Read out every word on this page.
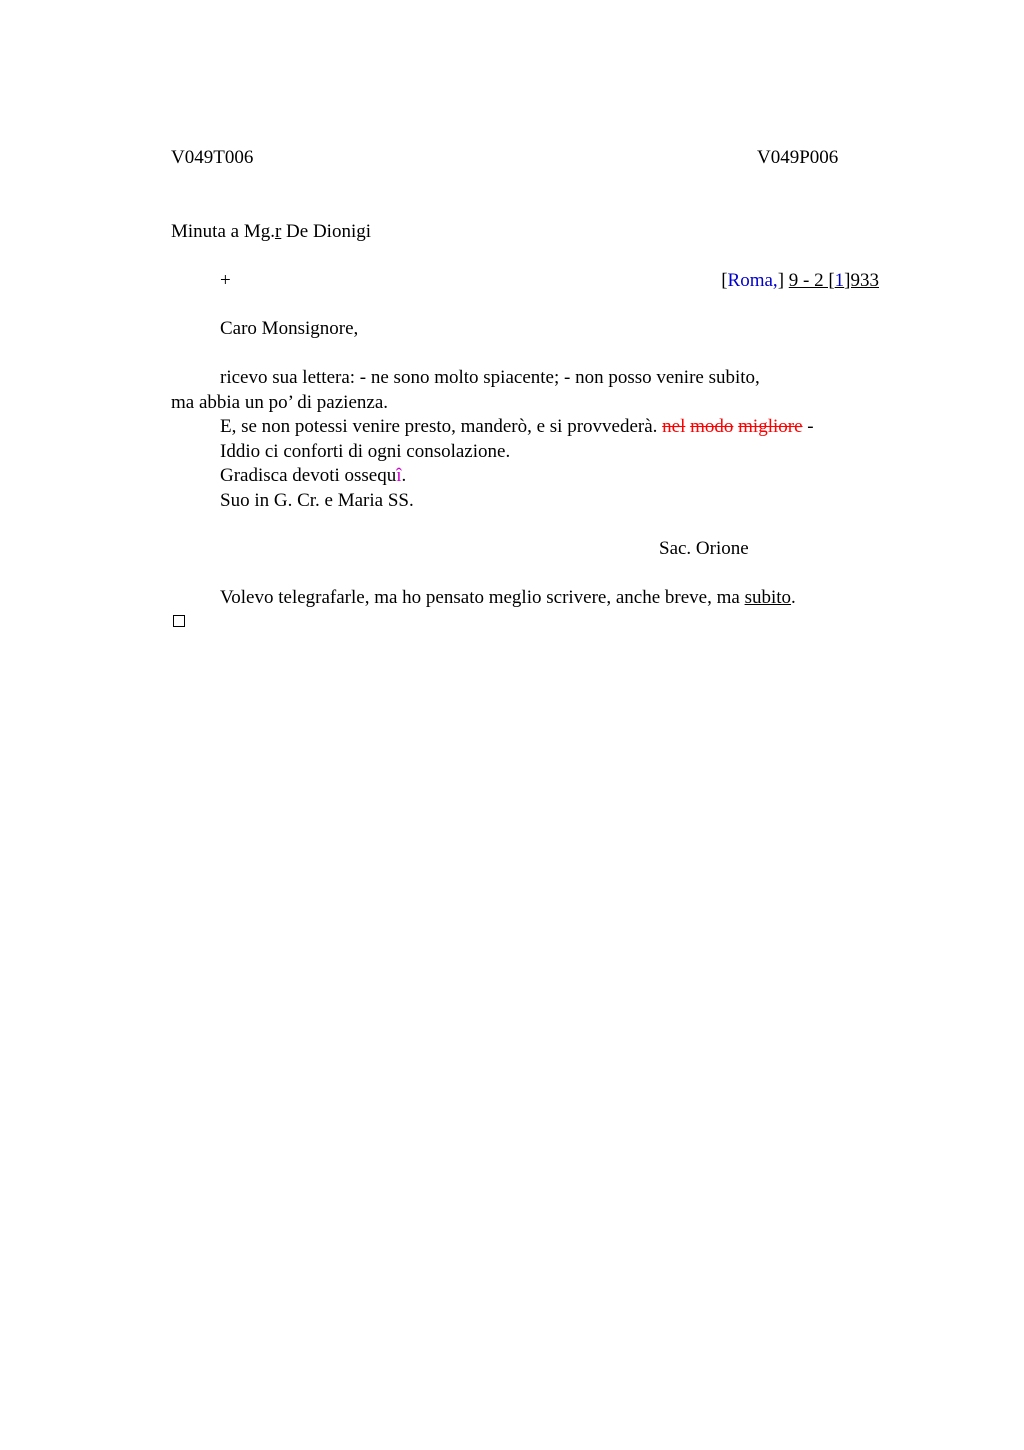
V049T006	V049P006
Minuta a Mg.r De Dionigi
+	[Roma,] 9 - 2 [1]933
Caro Monsignore,
ricevo sua lettera: - ne sono molto spiacente; - non posso venire subito,
ma abbia un po’ di pazienza.
E, se non potessi venire presto, manderò, e si provvederà. nel modo migliore -
Iddio ci conforti di ogni consolazione.
Gradisca devoti ossequî.
Suo in G. Cr. e Maria SS.
Sac. Orione
Volevo telegrafarle, ma ho pensato meglio scrivere, anche breve, ma subito.
